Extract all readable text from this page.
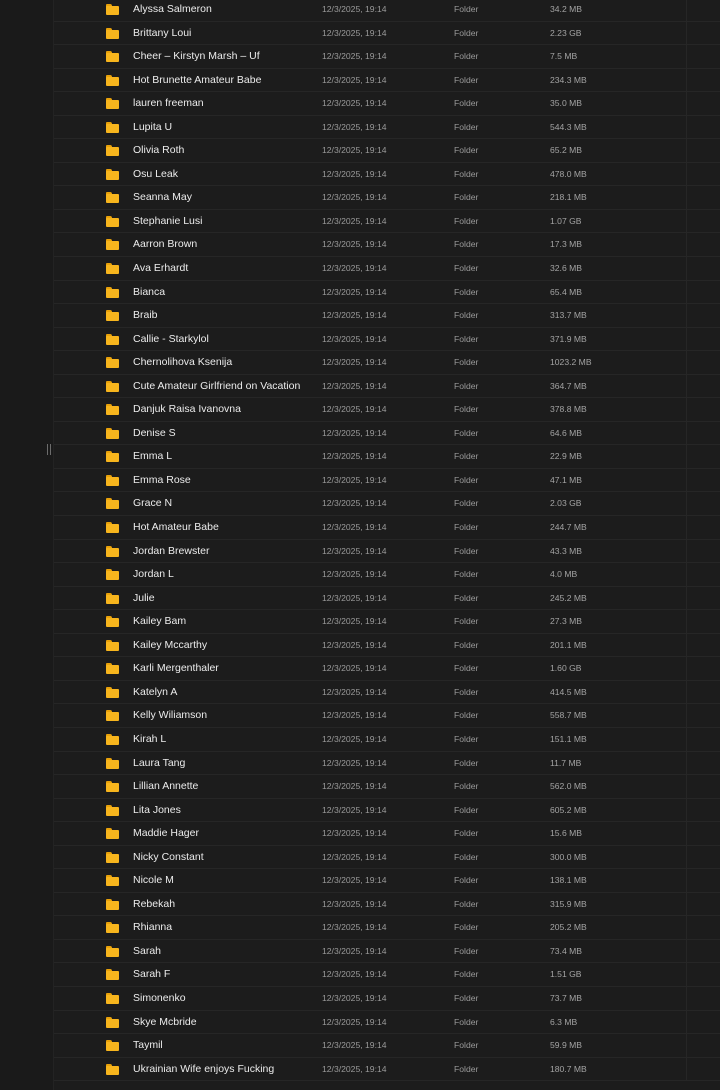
Alyssa Salmeron	12/3/2025, 19:14	Folder	34.2 MB
Brittany Loui	12/3/2025, 19:14	Folder	2.23 GB
Cheer – Kirstyn Marsh – Uf	12/3/2025, 19:14	Folder	7.5 MB
Hot Brunette Amateur Babe	12/3/2025, 19:14	Folder	234.3 MB
lauren freeman	12/3/2025, 19:14	Folder	35.0 MB
Lupita U	12/3/2025, 19:14	Folder	544.3 MB
Olivia Roth	12/3/2025, 19:14	Folder	65.2 MB
Osu Leak	12/3/2025, 19:14	Folder	478.0 MB
Seanna May	12/3/2025, 19:14	Folder	218.1 MB
Stephanie Lusi	12/3/2025, 19:14	Folder	1.07 GB
Aarron Brown	12/3/2025, 19:14	Folder	17.3 MB
Ava Erhardt	12/3/2025, 19:14	Folder	32.6 MB
Bianca	12/3/2025, 19:14	Folder	65.4 MB
Braib	12/3/2025, 19:14	Folder	313.7 MB
Callie - Starkylol	12/3/2025, 19:14	Folder	371.9 MB
Chernolihova Ksenija	12/3/2025, 19:14	Folder	1023.2 MB
Cute Amateur Girlfriend on Vacation	12/3/2025, 19:14	Folder	364.7 MB
Danjuk Raisa Ivanovna	12/3/2025, 19:14	Folder	378.8 MB
Denise S	12/3/2025, 19:14	Folder	64.6 MB
Emma L	12/3/2025, 19:14	Folder	22.9 MB
Emma Rose	12/3/2025, 19:14	Folder	47.1 MB
Grace N	12/3/2025, 19:14	Folder	2.03 GB
Hot Amateur Babe	12/3/2025, 19:14	Folder	244.7 MB
Jordan Brewster	12/3/2025, 19:14	Folder	43.3 MB
Jordan L	12/3/2025, 19:14	Folder	4.0 MB
Julie	12/3/2025, 19:14	Folder	245.2 MB
Kailey Bam	12/3/2025, 19:14	Folder	27.3 MB
Kailey Mccarthy	12/3/2025, 19:14	Folder	201.1 MB
Karli Mergenthaler	12/3/2025, 19:14	Folder	1.60 GB
Katelyn A	12/3/2025, 19:14	Folder	414.5 MB
Kelly Wiliamson	12/3/2025, 19:14	Folder	558.7 MB
Kirah L	12/3/2025, 19:14	Folder	151.1 MB
Laura Tang	12/3/2025, 19:14	Folder	11.7 MB
Lillian Annette	12/3/2025, 19:14	Folder	562.0 MB
Lita Jones	12/3/2025, 19:14	Folder	605.2 MB
Maddie Hager	12/3/2025, 19:14	Folder	15.6 MB
Nicky Constant	12/3/2025, 19:14	Folder	300.0 MB
Nicole M	12/3/2025, 19:14	Folder	138.1 MB
Rebekah	12/3/2025, 19:14	Folder	315.9 MB
Rhianna	12/3/2025, 19:14	Folder	205.2 MB
Sarah	12/3/2025, 19:14	Folder	73.4 MB
Sarah F	12/3/2025, 19:14	Folder	1.51 GB
Simonenko	12/3/2025, 19:14	Folder	73.7 MB
Skye Mcbride	12/3/2025, 19:14	Folder	6.3 MB
Taymil	12/3/2025, 19:14	Folder	59.9 MB
Ukrainian Wife enjoys Fucking	12/3/2025, 19:14	Folder	180.7 MB
